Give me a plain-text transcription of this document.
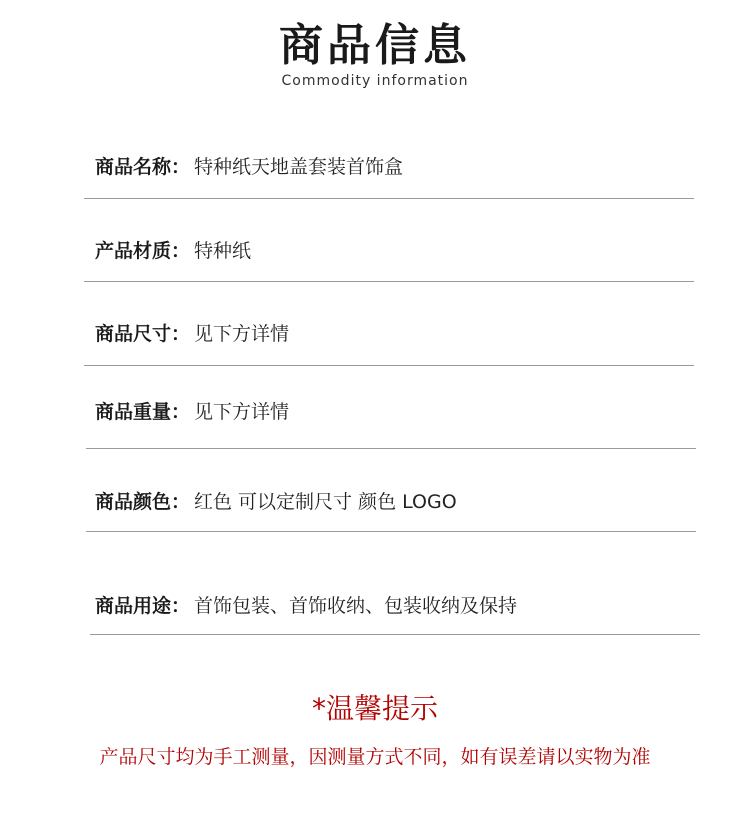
商品信息
Commodity information
商品名称： 特种纸天地盖套装首饰盒
产品材质： 特种纸
商品尺寸： 见下方详情
商品重量： 见下方详情
商品颜色： 红色 可以定制尺寸 颜色 LOGO
商品用途： 首饰包装、首饰收纳、包装收纳及保持
*温馨提示
产品尺寸均为手工测量，因测量方式不同，如有误差请以实物为准
